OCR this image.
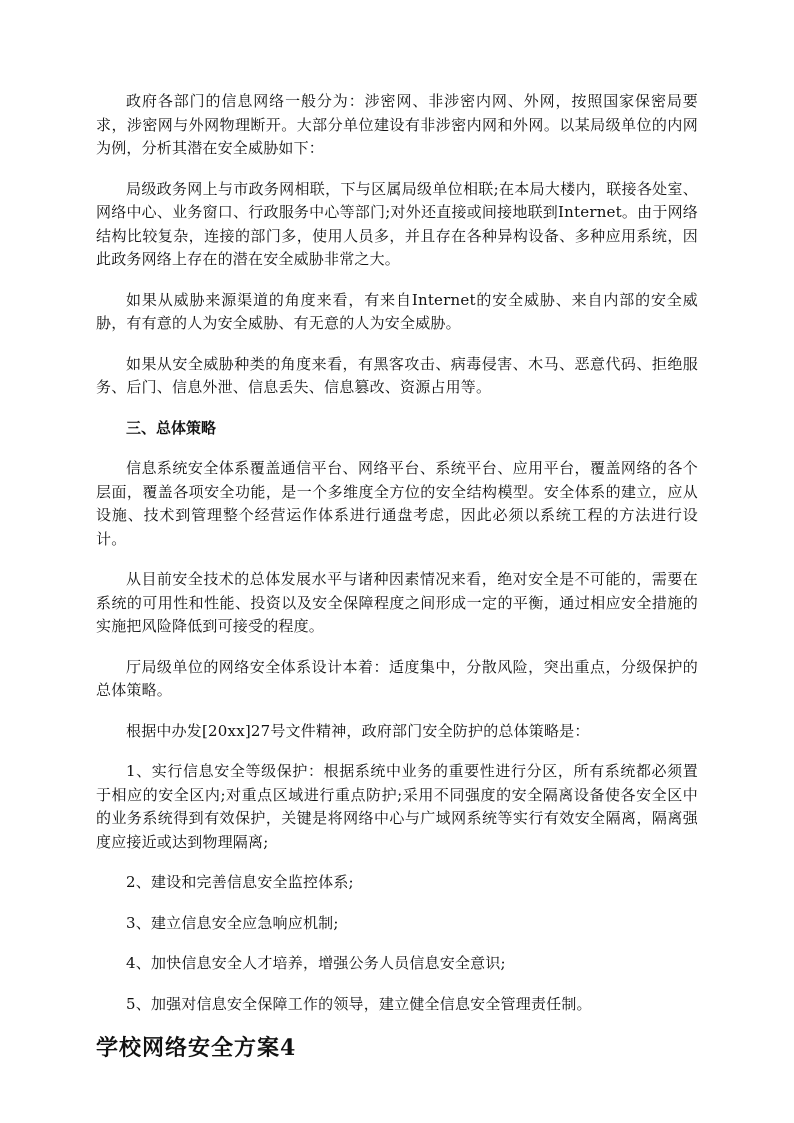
政府各部门的信息网络一般分为：涉密网、非涉密内网、外网，按照国家保密局要求，涉密网与外网物理断开。大部分单位建设有非涉密内网和外网。以某局级单位的内网为例，分析其潜在安全威胁如下：

局级政务网上与市政务网相联，下与区属局级单位相联;在本局大楼内，联接各处室、网络中心、业务窗口、行政服务中心等部门;对外还直接或间接地联到Internet。由于网络结构比较复杂，连接的部门多，使用人员多，并且存在各种异构设备、多种应用系统，因此政务网络上存在的潜在安全威胁非常之大。

如果从威胁来源渠道的角度来看，有来自Internet的安全威胁、来自内部的安全威胁，有有意的人为安全威胁、有无意的人为安全威胁。

如果从安全威胁种类的角度来看，有黑客攻击、病毒侵害、木马、恶意代码、拒绝服务、后门、信息外泄、信息丢失、信息篡改、资源占用等。

三、总体策略

信息系统安全体系覆盖通信平台、网络平台、系统平台、应用平台，覆盖网络的各个层面，覆盖各项安全功能，是一个多维度全方位的安全结构模型。安全体系的建立，应从设施、技术到管理整个经营运作体系进行通盘考虑，因此必须以系统工程的方法进行设计。

从目前安全技术的总体发展水平与诸种因素情况来看，绝对安全是不可能的，需要在系统的可用性和性能、投资以及安全保障程度之间形成一定的平衡，通过相应安全措施的实施把风险降低到可接受的程度。

厅局级单位的网络安全体系设计本着：适度集中，分散风险，突出重点，分级保护的总体策略。

根据中办发[20xx]27号文件精神，政府部门安全防护的总体策略是：

1、实行信息安全等级保护：根据系统中业务的重要性进行分区，所有系统都必须置于相应的安全区内;对重点区域进行重点防护;采用不同强度的安全隔离设备使各安全区中的业务系统得到有效保护，关键是将网络中心与广域网系统等实行有效安全隔离，隔离强度应接近或达到物理隔离;

2、建设和完善信息安全监控体系;

3、建立信息安全应急响应机制;

4、加快信息安全人才培养，增强公务人员信息安全意识;

5、加强对信息安全保障工作的领导，建立健全信息安全管理责任制。

学校网络安全方案4
